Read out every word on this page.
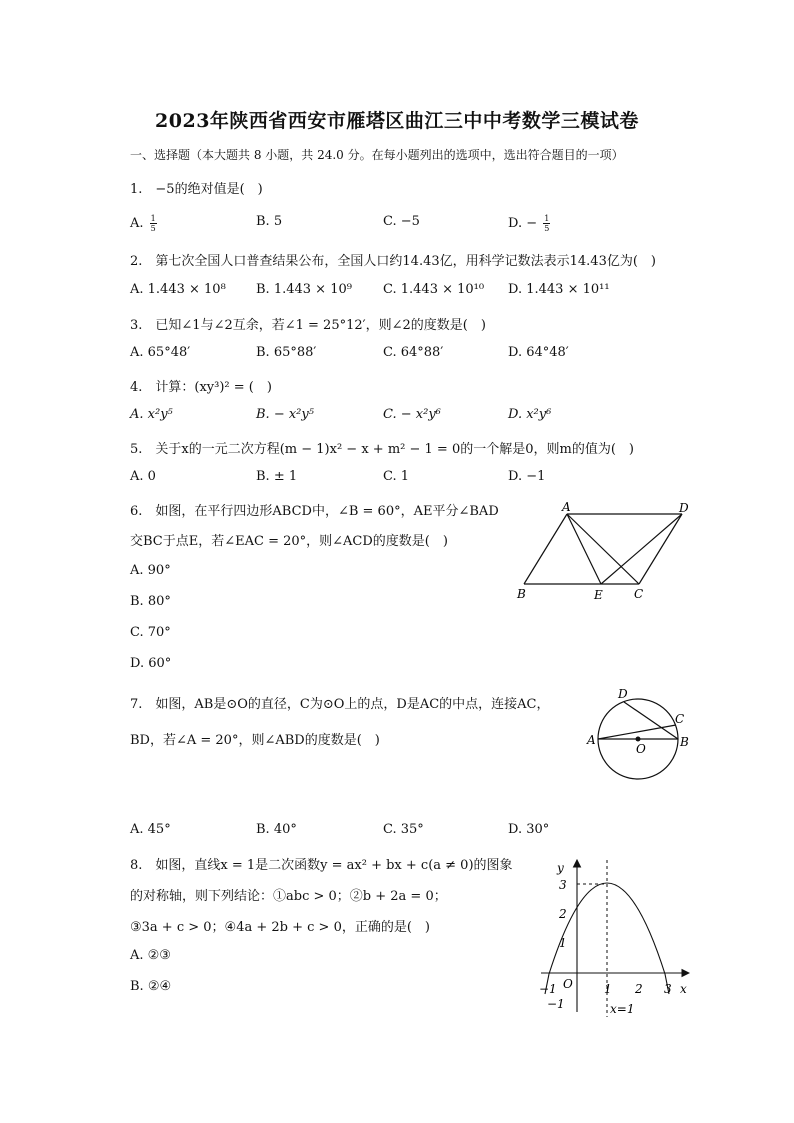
2023年陕西省西安市雁塔区曲江三中中考数学三模试卷
一、选择题（本大题共 8 小题，共 24.0 分。在每小题列出的选项中，选出符合题目的一项）
1.　−5的绝对值是(　)
A. $\frac{1}{5}$	B. 5	C. −5	D. − $\frac{1}{5}$
2.　第七次全国人口普查结果公布，全国人口约14.43亿，用科学记数法表示14.43亿为(　)
A. 1.443 × 10⁸ B. 1.443 × 10⁹ C. 1.443 × 10¹⁰ D. 1.443 × 10¹¹
3.　已知∠1与∠2互余，若∠1 = 25°12′，则∠2的度数是(　)
A. 65°48′	B. 65°88′	C. 64°88′	D. 64°48′
4.　计算：(xy³)² = (　)
A. x²y⁵	B. − x²y⁵	C. − x²y⁶	D. x²y⁶
5.　关于x的一元二次方程(m − 1)x² − x + m² − 1 = 0的一个解是0，则m的值为(　)
A. 0	B. ± 1	C. 1	D. −1
6.　如图，在平行四边形ABCD中，∠B = 60°，AE平分∠BAD
交BC于点E，若∠EAC = 20°，则∠ACD的度数是(　)
A. 90°
B. 80°
C. 70°
D. 60°
A	D
B	E	C
7.　如图，AB是⊙O的直径，C为⊙O上的点，D是AC的中点，连接AC，
BD，若∠A = 20°，则∠ABD的度数是(　)
A. 45°	B. 40°	C. 35°	D. 30°
A	B
C
D
O
8.　如图，直线x = 1是二次函数y = ax² + bx + c(a ≠ 0)的图象
的对称轴，则下列结论：①abc > 0；②b + 2a = 0；
③3a + c > 0；④4a + 2b + c > 0，正确的是(　)
A. ②③
B. ②④
y
x
O
3
2
1
−1
−1	1 2 3
x=1
